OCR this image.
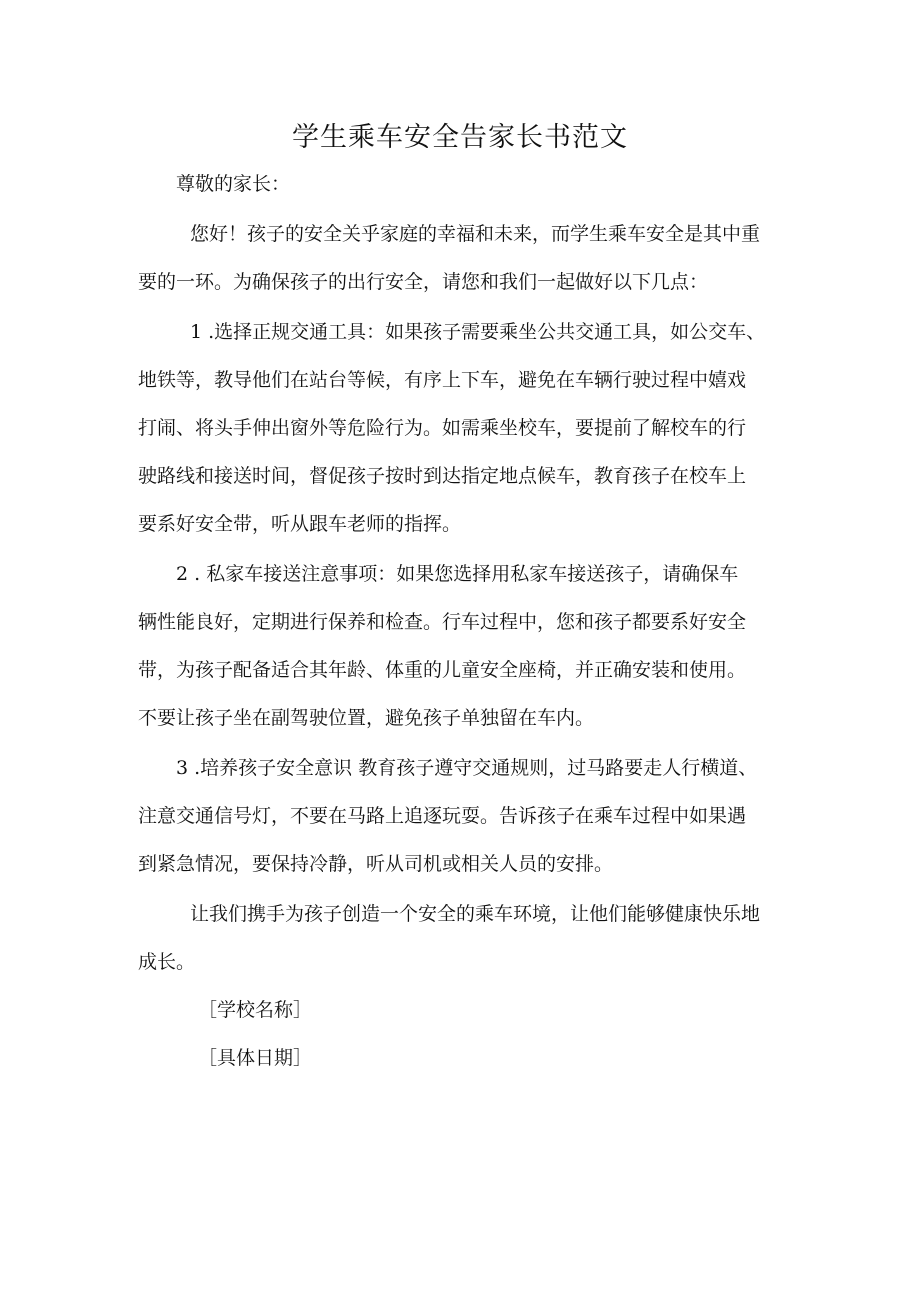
学生乘车安全告家长书范文

尊敬的家长：

您好！孩子的安全关乎家庭的幸福和未来，而学生乘车安全是其中重

要的一环。为确保孩子的出行安全，请您和我们一起做好以下几点：

1 .选择正规交通工具：如果孩子需要乘坐公共交通工具，如公交车、

地铁等，教导他们在站台等候，有序上下车，避免在车辆行驶过程中嬉戏

打闹、将头手伸出窗外等危险行为。如需乘坐校车，要提前了解校车的行

驶路线和接送时间，督促孩子按时到达指定地点候车，教育孩子在校车上

要系好安全带，听从跟车老师的指挥。

2 . 私家车接送注意事项：如果您选择用私家车接送孩子，请确保车

辆性能良好，定期进行保养和检查。行车过程中，您和孩子都要系好安全

带，为孩子配备适合其年龄、体重的儿童安全座椅，并正确安装和使用。

不要让孩子坐在副驾驶位置，避免孩子单独留在车内。

3 .培养孩子安全意识 教育孩子遵守交通规则，过马路要走人行横道、

注意交通信号灯，不要在马路上追逐玩耍。告诉孩子在乘车过程中如果遇

到紧急情况，要保持冷静，听从司机或相关人员的安排。

让我们携手为孩子创造一个安全的乘车环境，让他们能够健康快乐地

成长。

［学校名称］

［具体日期］
